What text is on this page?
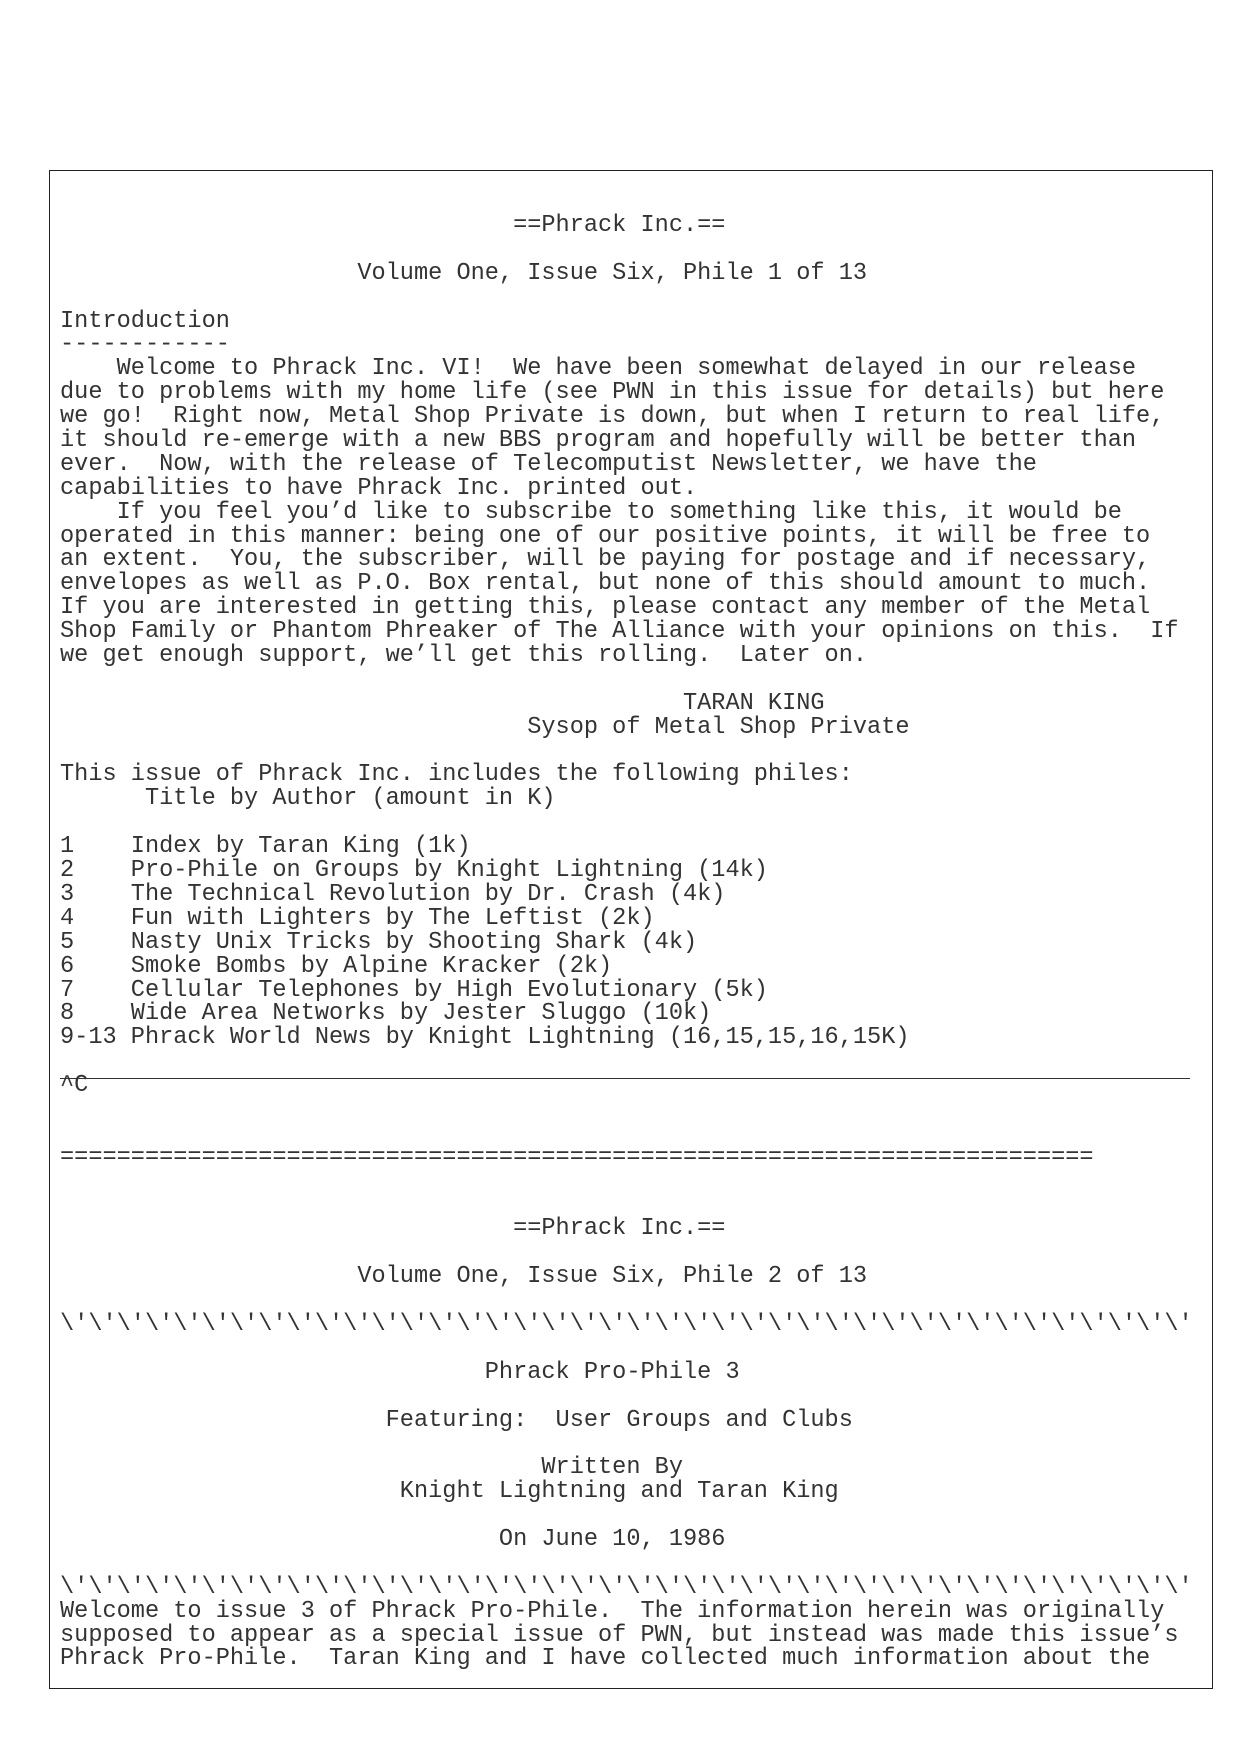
==Phrack Inc.==
Volume One, Issue Six, Phile 1 of 13
Introduction
------------
Welcome to Phrack Inc. VI!  We have been somewhat delayed in our release
due to problems with my home life (see PWN in this issue for details) but here
we go!  Right now, Metal Shop Private is down, but when I return to real life,
it should re-emerge with a new BBS program and hopefully will be better than
ever.  Now, with the release of Telecomputist Newsletter, we have the
capabilities to have Phrack Inc. printed out.
If you feel you’d like to subscribe to something like this, it would be
operated in this manner: being one of our positive points, it will be free to
an extent.  You, the subscriber, will be paying for postage and if necessary,
envelopes as well as P.O. Box rental, but none of this should amount to much.
If you are interested in getting this, please contact any member of the Metal
Shop Family or Phantom Phreaker of The Alliance with your opinions on this.  If
we get enough support, we’ll get this rolling.  Later on.
TARAN KING
Sysop of Metal Shop Private
This issue of Phrack Inc. includes the following philes:
Title by Author (amount in K)
1    Index by Taran King (1k)
2    Pro-Phile on Groups by Knight Lightning (14k)
3    The Technical Revolution by Dr. Crash (4k)
4    Fun with Lighters by The Leftist (2k)
5    Nasty Unix Tricks by Shooting Shark (4k)
6    Smoke Bombs by Alpine Kracker (2k)
7    Cellular Telephones by High Evolutionary (5k)
8    Wide Area Networks by Jester Sluggo (10k)
9-13 Phrack World News by Knight Lightning (16,15,15,16,15K)
^C
=========================================================================
==Phrack Inc.==
Volume One, Issue Six, Phile 2 of 13
\'\'\'\'\'\'\'\'\'\'\'\'\'\'\'\'\'\'\'\'\'\'\'\'\'\'\'\'\'\'\'\'\'\'\'\'\'\'\'\'
Phrack Pro-Phile 3
Featuring:  User Groups and Clubs
Written By
Knight Lightning and Taran King
On June 10, 1986
\'\'\'\'\'\'\'\'\'\'\'\'\'\'\'\'\'\'\'\'\'\'\'\'\'\'\'\'\'\'\'\'\'\'\'\'\'\'\'\'
Welcome to issue 3 of Phrack Pro-Phile.  The information herein was originally
supposed to appear as a special issue of PWN, but instead was made this issue’s
Phrack Pro-Phile.  Taran King and I have collected much information about the
